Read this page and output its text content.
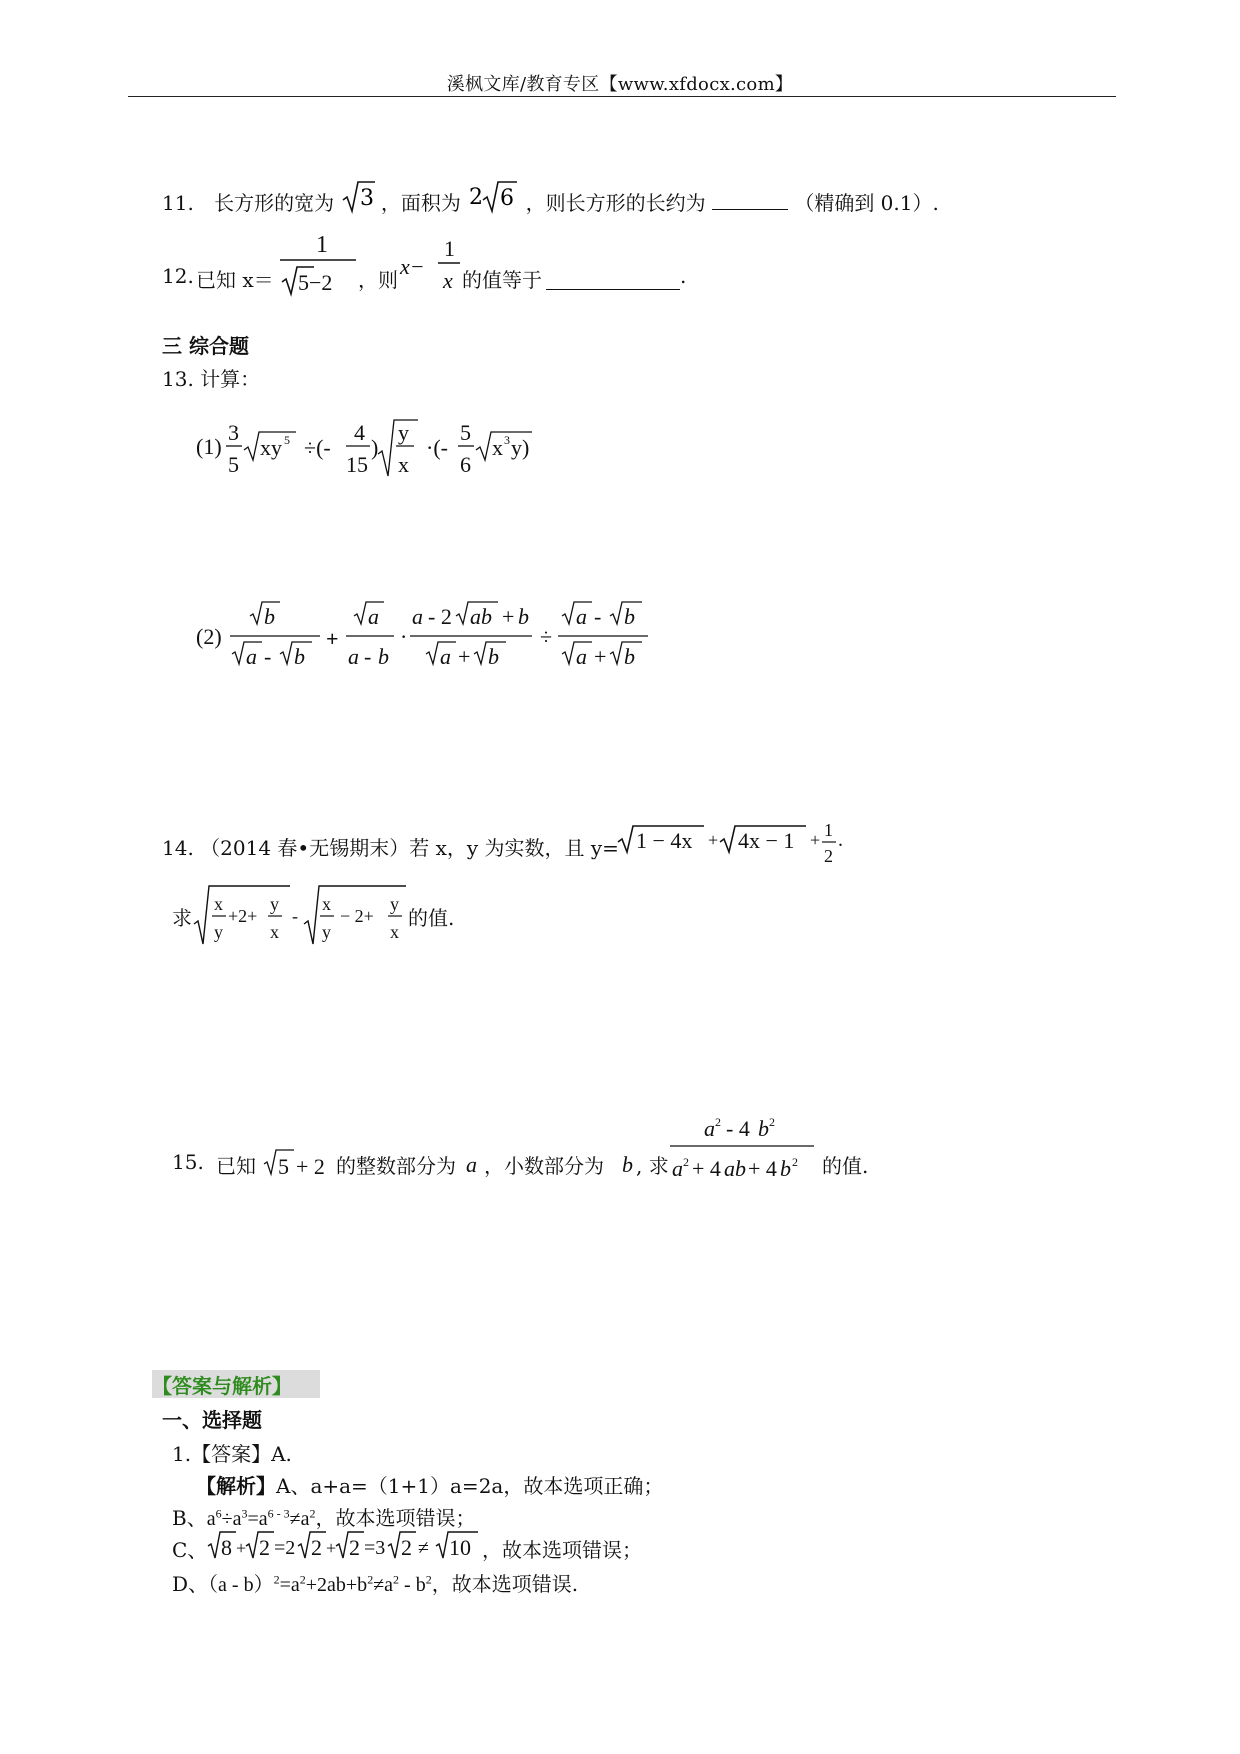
溪枫文库/教育专区【www.xfdocx.com】
11. 长方形的宽为 3 ，面积为 2 6 ，则长方形的长约为	（精确到 0.1）.
12. 已知 x＝
1
5−2 ，则
x−
1
x 的值等于	.
三 综合题
13. 计算：
(1)
3
5
xy 5 ÷(-
4
15
)
y
x
·(-
5
6
x 3 y)
(2)
b
a - b
+
a
a - b
·
a - 2 ab + b
a + b
÷
a - b
a + b
14. （2014 春•无锡期末）若 x，y 为实数，且 y= 1 − 4x + 4x − 1 + 1
2
.
求
x
y
+2+
y
x
-
x
y
− 2+
y
x
的值.
15. 已知 5 + 2 的整数部分为 a ，小数部分为 b , 求
a 2 - 4 b 2
a 2 + 4 ab + 4 b 2 的值.
【答案与解析】
一、选择题
1.【答案】A.
【解析】A、a+a=（1+1）a=2a，故本选项正确；
B、$a^6\div a^3=a^{6 - 3}\ne a^2$，故本选项错误；
C、 8 + 2 =2 2 + 2 =3 2 ≠ 10 ，故本选项错误；
D、$(a - b)^2=a^2+2ab+b^2\ne a^2 - b^2$，故本选项错误.
